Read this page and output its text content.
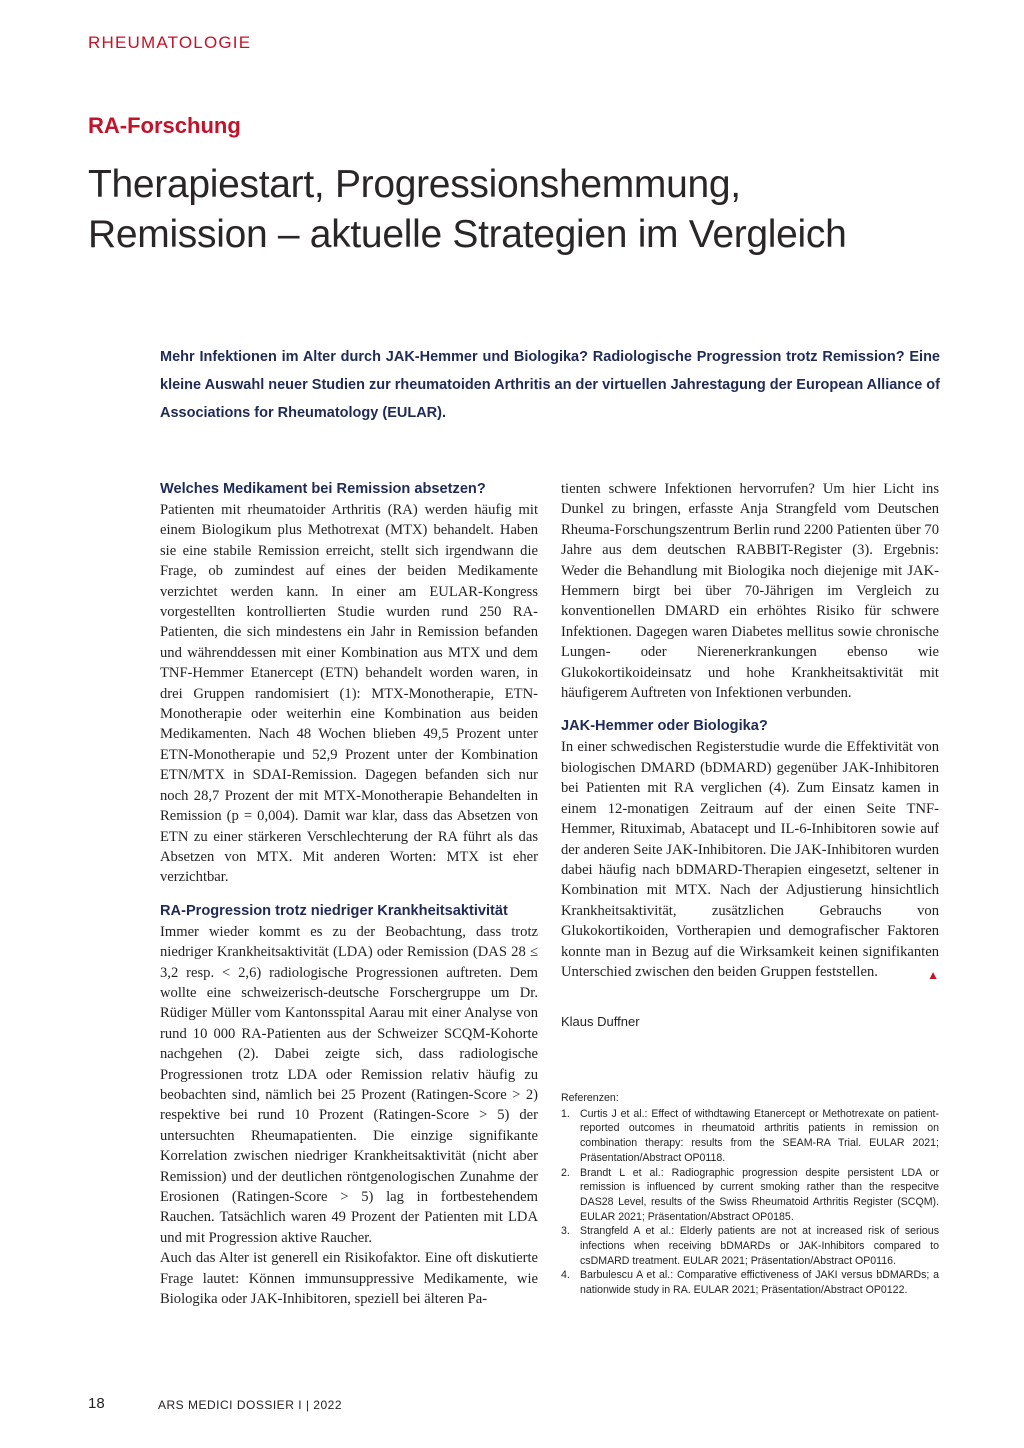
RHEUMATOLOGIE
RA-Forschung
Therapiestart, Progressionshemmung,
Remission – aktuelle Strategien im Vergleich

Mehr Infektionen im Alter durch JAK-Hemmer und Biologika? Radiologische Progression trotz Remission? Eine kleine Auswahl neuer Studien zur rheumatoiden Arthritis an der virtuellen Jahrestagung der European Alliance of Associations for Rheumatology (EULAR).

Welches Medikament bei Remission absetzen?

Patienten mit rheumatoider Arthritis (RA) werden häufig mit einem Biologikum plus Methotrexat (MTX) behandelt. Haben sie eine stabile Remission erreicht, stellt sich irgendwann die Frage, ob zumindest auf eines der beiden Medikamente verzichtet werden kann. In einer am EULAR-Kongress vorgestellten kontrollierten Studie wurden rund 250 RA-Patienten, die sich mindestens ein Jahr in Remission befanden und währenddessen mit einer Kombination aus MTX und dem TNF-Hemmer Etanercept (ETN) behandelt worden waren, in drei Gruppen randomisiert (1): MTX-Monotherapie, ETN-Monotherapie oder weiterhin eine Kombination aus beiden Medikamenten. Nach 48 Wochen blieben 49,5 Prozent unter ETN-Monotherapie und 52,9 Prozent unter der Kombination ETN/MTX in SDAI-Remission. Dagegen befanden sich nur noch 28,7 Prozent der mit MTX-Monotherapie Behandelten in Remission (p = 0,004). Damit war klar, dass das Absetzen von ETN zu einer stärkeren Verschlechterung der RA führt als das Absetzen von MTX. Mit anderen Worten: MTX ist eher verzichtbar.

RA-Progression trotz niedriger Krankheitsaktivität

Immer wieder kommt es zu der Beobachtung, dass trotz niedriger Krankheitsaktivität (LDA) oder Remission (DAS 28 ≤ 3,2 resp. < 2,6) radiologische Progressionen auftreten. Dem wollte eine schweizerisch-deutsche Forschergruppe um Dr. Rüdiger Müller vom Kantonsspital Aarau mit einer Analyse von rund 10 000 RA-Patienten aus der Schweizer SCQM-Kohorte nachgehen (2). Dabei zeigte sich, dass radiologische Progressionen trotz LDA oder Remission relativ häufig zu beobachten sind, nämlich bei 25 Prozent (Ratingen-Score > 2) respektive bei rund 10 Prozent (Ratingen-Score > 5) der untersuchten Rheumapatienten. Die einzige signifikante Korrelation zwischen niedriger Krankheitsaktivität (nicht aber Remission) und der deutlichen röntgenologischen Zunahme der Erosionen (Ratingen-Score > 5) lag in fortbestehendem Rauchen. Tatsächlich waren 49 Prozent der Patienten mit LDA und mit Progression aktive Raucher.

Auch das Alter ist generell ein Risikofaktor. Eine oft diskutierte Frage lautet: Können immunsuppressive Medikamente, wie Biologika oder JAK-Inhibitoren, speziell bei älteren Pa-

tienten schwere Infektionen hervorrufen? Um hier Licht ins Dunkel zu bringen, erfasste Anja Strangfeld vom Deutschen Rheuma-Forschungszentrum Berlin rund 2200 Patienten über 70 Jahre aus dem deutschen RABBIT-Register (3). Ergebnis: Weder die Behandlung mit Biologika noch diejenige mit JAK-Hemmern birgt bei über 70-Jährigen im Vergleich zu konventionellen DMARD ein erhöhtes Risiko für schwere Infektionen. Dagegen waren Diabetes mellitus sowie chronische Lungen- oder Nierenerkrankungen ebenso wie Glukokortikoideinsatz und hohe Krankheitsaktivität mit häufigerem Auftreten von Infektionen verbunden.

JAK-Hemmer oder Biologika?

In einer schwedischen Registerstudie wurde die Effektivität von biologischen DMARD (bDMARD) gegenüber JAK-Inhibitoren bei Patienten mit RA verglichen (4). Zum Einsatz kamen in einem 12-monatigen Zeitraum auf der einen Seite TNF-Hemmer, Rituximab, Abatacept und IL-6-Inhibitoren sowie auf der anderen Seite JAK-Inhibitoren. Die JAK-Inhibitoren wurden dabei häufig nach bDMARD-Therapien eingesetzt, seltener in Kombination mit MTX. Nach der Adjustierung hinsichtlich Krankheitsaktivität, zusätzlichen Gebrauchs von Glukokortikoiden, Vortherapien und demografischer Faktoren konnte man in Bezug auf die Wirksamkeit keinen signifikanten Unterschied zwischen den beiden Gruppen feststellen.	▲

Klaus Duffner

Referenzen:

1. Curtis J et al.: Effect of withdtawing Etanercept or Methotrexate on patient-reported outcomes in rheumatoid arthritis patients in remission on combination therapy: results from the SEAM-RA Trial. EULAR 2021; Präsentation/Abstract OP0118.
2. Brandt L et al.: Radiographic progression despite persistent LDA or remission is influenced by current smoking rather than the respecitve DAS28 Level, results of the Swiss Rheumatoid Arthritis Register (SCQM). EULAR 2021; Präsentation/Abstract OP0185.
3. Strangfeld A et al.: Elderly patients are not at increased risk of serious infections when receiving bDMARDs or JAK-Inhibitors compared to csDMARD treatment. EULAR 2021; Präsentation/Abstract OP0116.
4. Barbulescu A et al.: Comparative effictiveness of JAKI versus bDMARDs; a nationwide study in RA. EULAR 2021; Präsentation/Abstract OP0122.
18	ARS MEDICI DOSSIER I | 2022
